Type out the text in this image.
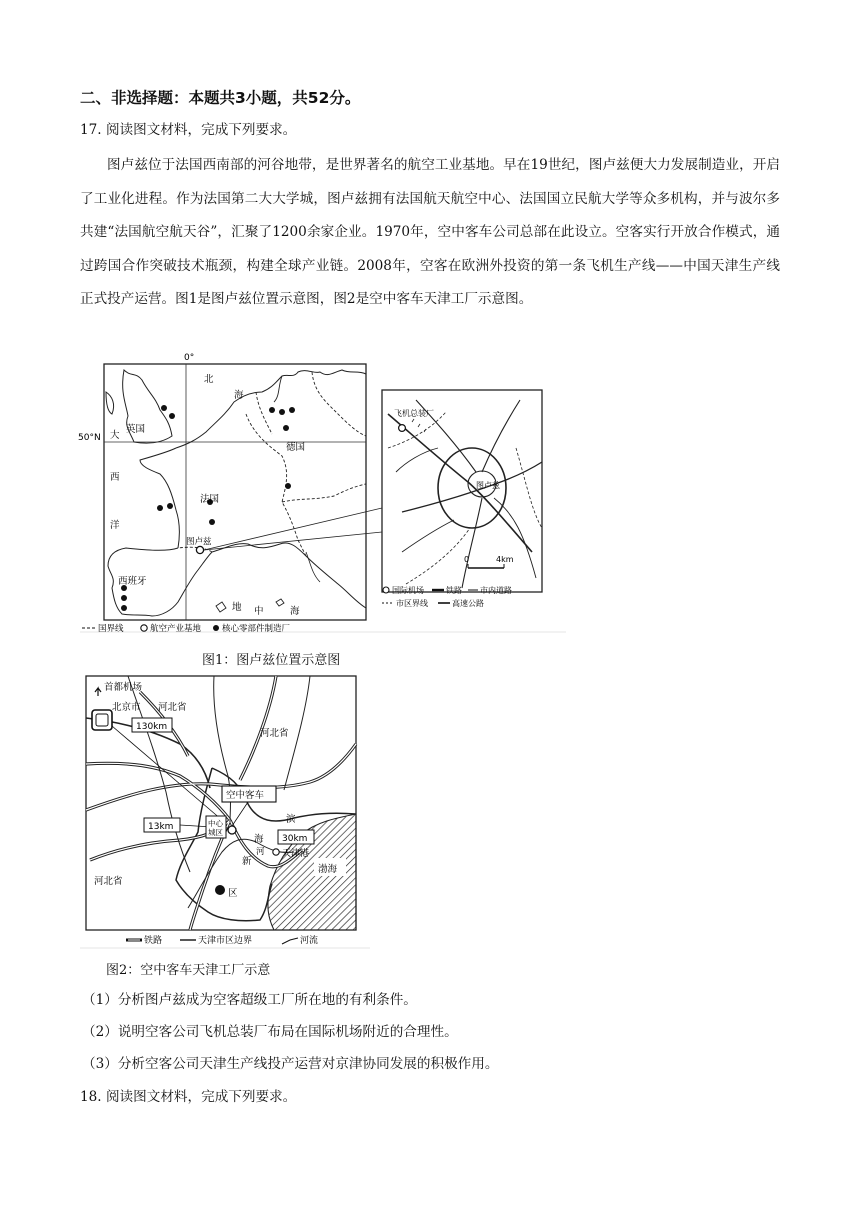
二、非选择题：本题共3小题，共52分。
17. 阅读图文材料，完成下列要求。
图卢兹位于法国西南部的河谷地带，是世界著名的航空工业基地。早在19世纪，图卢兹便大力发展制造业，开启了工业化进程。作为法国第二大大学城，图卢兹拥有法国航天航空中心、法国国立民航大学等众多机构，并与波尔多共建“法国航空航天谷”，汇聚了1200余家企业。1970年，空中客车公司总部在此设立。空客实行开放合作模式，通过跨国合作突破技术瓶颈，构建全球产业链。2008年，空客在欧洲外投资的第一条飞机生产线——中国天津生产线正式投产运营。图1是图卢兹位置示意图，图2是空中客车天津工厂示意图。
0°
50°N
北
海
英国
德国
法国
大
西
洋
图卢兹
西班牙
地 中	海
飞机总装厂
图卢兹
0	4km
国际机场	铁路 市内道路
市区界线	高速公路
国界线	航空产业基地 核心零部件制造厂
图1：图卢兹位置示意图
渤海
首都机场
北京市 河北省
河北省
河北省
130km
13km
30km
空中客车
中心
城区
滨
海
新
区
河 天津港
铁路	天津市区边界	河流
图2：空中客车天津工厂示意
（1）分析图卢兹成为空客超级工厂所在地的有利条件。
（2）说明空客公司飞机总装厂布局在国际机场附近的合理性。
（3）分析空客公司天津生产线投产运营对京津协同发展的积极作用。
18. 阅读图文材料，完成下列要求。
